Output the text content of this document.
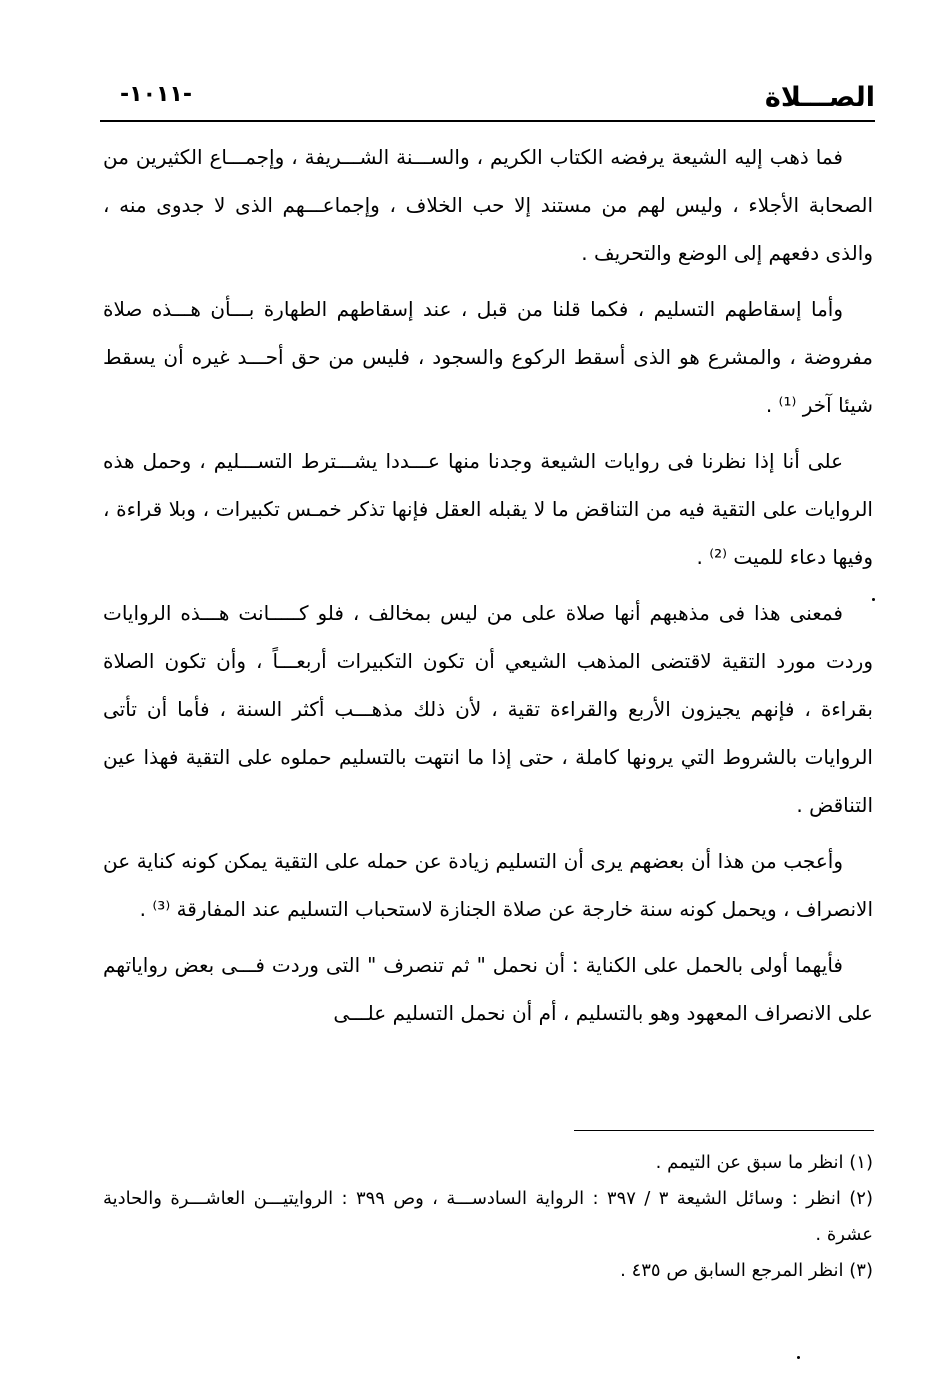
الصـــلاة
-١٠١١-

فما ذهب إليه الشيعة يرفضه الكتاب الكريم ، والســـنة الشـــريفة ، وإجمـــاع الكثيرين من الصحابة الأجلاء ، وليس لهم من مستند إلا حب الخلاف ، وإجماعـــهم الذى لا جدوى منه ، والذى دفعهم إلى الوضع والتحريف .

وأما إسقاطهم التسليم ، فكما قلنا من قبل ، عند إسقاطهم الطهارة بـــأن هـــذه صلاة مفروضة ، والمشرع هو الذى أسقط الركوع والسجود ، فليس من حق أحـــد غيره أن يسقط شيئا آخر ⁽¹⁾ .

على أنا إذا نظرنا فى روايات الشيعة وجدنا منها عـــددا يشـــترط التســـليم ، وحمل هذه الروايات على التقية فيه من التناقض ما لا يقبله العقل فإنها تذكر خمـس تكبيرات ، وبلا قراءة ، وفيها دعاء للميت ⁽²⁾ .

فمعنى هذا فى مذهبهم أنها صلاة على من ليس بمخالف ، فلو كـــــانت هـــذه الروايات وردت مورد التقية لاقتضى المذهب الشيعي أن تكون التكبيرات أربعـــاً ، وأن تكون الصلاة بقراءة ، فإنهم يجيزون الأربع والقراءة تقية ، لأن ذلك مذهـــب أكثر السنة ، فأما أن تأتى الروايات بالشروط التي يرونها كاملة ، حتى إذا ما انتهت بالتسليم حملوه على التقية فهذا عين التناقض .

وأعجب من هذا أن بعضهم يرى أن التسليم زيادة عن حمله على التقية يمكن كونه كناية عن الانصراف ، ويحمل كونه سنة خارجة عن صلاة الجنازة لاستحباب التسليم عند المفارقة ⁽³⁾ .

فأيهما أولى بالحمل على الكناية : أن نحمل " ثم تنصرف " التى وردت فـــى بعض رواياتهم على الانصراف المعهود وهو بالتسليم ، أم أن نحمل التسليم علـــى

(١) انظر ما سبق عن التيمم .

(٢) انظر : وسائل الشيعة ٣ / ٣٩٧ : الرواية السادســـة ، وص ٣٩٩ : الروايتيـــن العاشـــرة والحادية عشرة .

(٣) انظر المرجع السابق ص ٤٣٥ .
